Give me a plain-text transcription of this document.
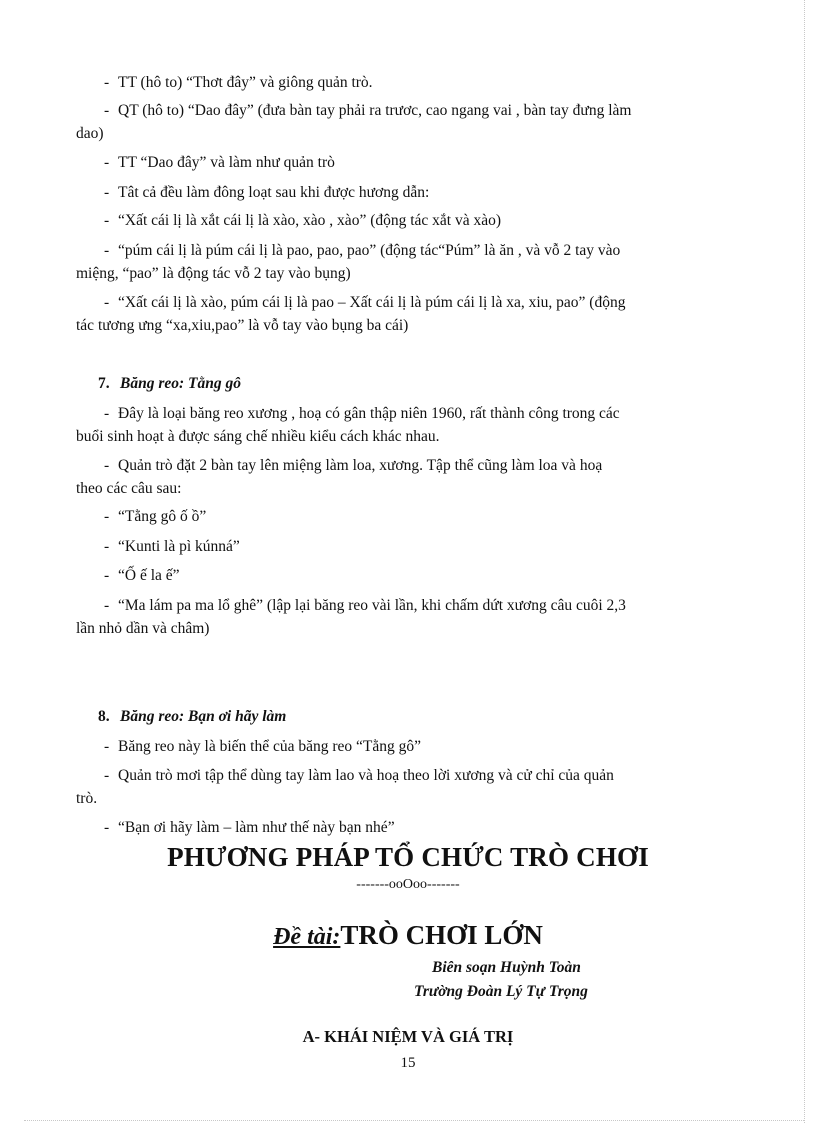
- TT (hô to) “Thơt đây” và giông quản trò.
- QT (hô to) “Dao đây” (đưa bàn tay phải ra trươc, cao ngang vai , bàn tay đưng làm
dao)
- TT “Dao đây” và làm như quản trò
- Tât cả đều làm đông loạt sau khi được hương dẫn:
- “Xất cái lị là xắt cái lị là xào, xào , xào” (động tác xắt và xào)
- “púm cái lị là púm cái lị là pao, pao, pao” (động tác“Púm” là ăn , và vỗ 2 tay vào
miệng, “pao” là động tác vỗ 2 tay vào bụng)
- “Xất cái lị là xào, púm cái lị là pao – Xất cái lị là púm cái lị là xa, xiu, pao” (động
tác tương ưng “xa,xiu,pao” là vỗ tay vào bụng ba cái)
7. Băng reo: Tằng gô
- Đây là loại băng reo xương , hoạ có gân thập niên 1960, rất thành công trong các
buổi sinh hoạt à được sáng chế nhiều kiểu cách khác nhau.
- Quản trò đặt 2 bàn tay lên miệng làm loa, xương. Tập thể cũng làm loa và hoạ
theo các câu sau:
- “Tằng gô ố ồ”
- “Kunti là pì kúnná”
- “Ố ế la ế”
- “Ma lám pa ma lổ ghê” (lập lại băng reo vài lần, khi chấm dứt xương câu cuôi 2,3
lần nhỏ dần và châm)
8. Băng reo: Bạn ơi hãy làm
- Băng reo này là biến thể của băng reo “Tằng gô”
- Quản trò mơi tập thể dùng tay làm lao và hoạ theo lời xương và cử chỉ của quản
trò.
- “Bạn ơi hãy làm – làm như thế này bạn nhé”
PHƯƠNG PHÁP TỔ CHỨC TRÒ CHƠI
-------ooOoo-------
Đề tài:TRÒ CHƠI LỚN
Biên soạn Huỳnh Toàn
Trường Đoàn Lý Tự Trọng
A- KHÁI NIỆM VÀ GIÁ TRỊ
15
